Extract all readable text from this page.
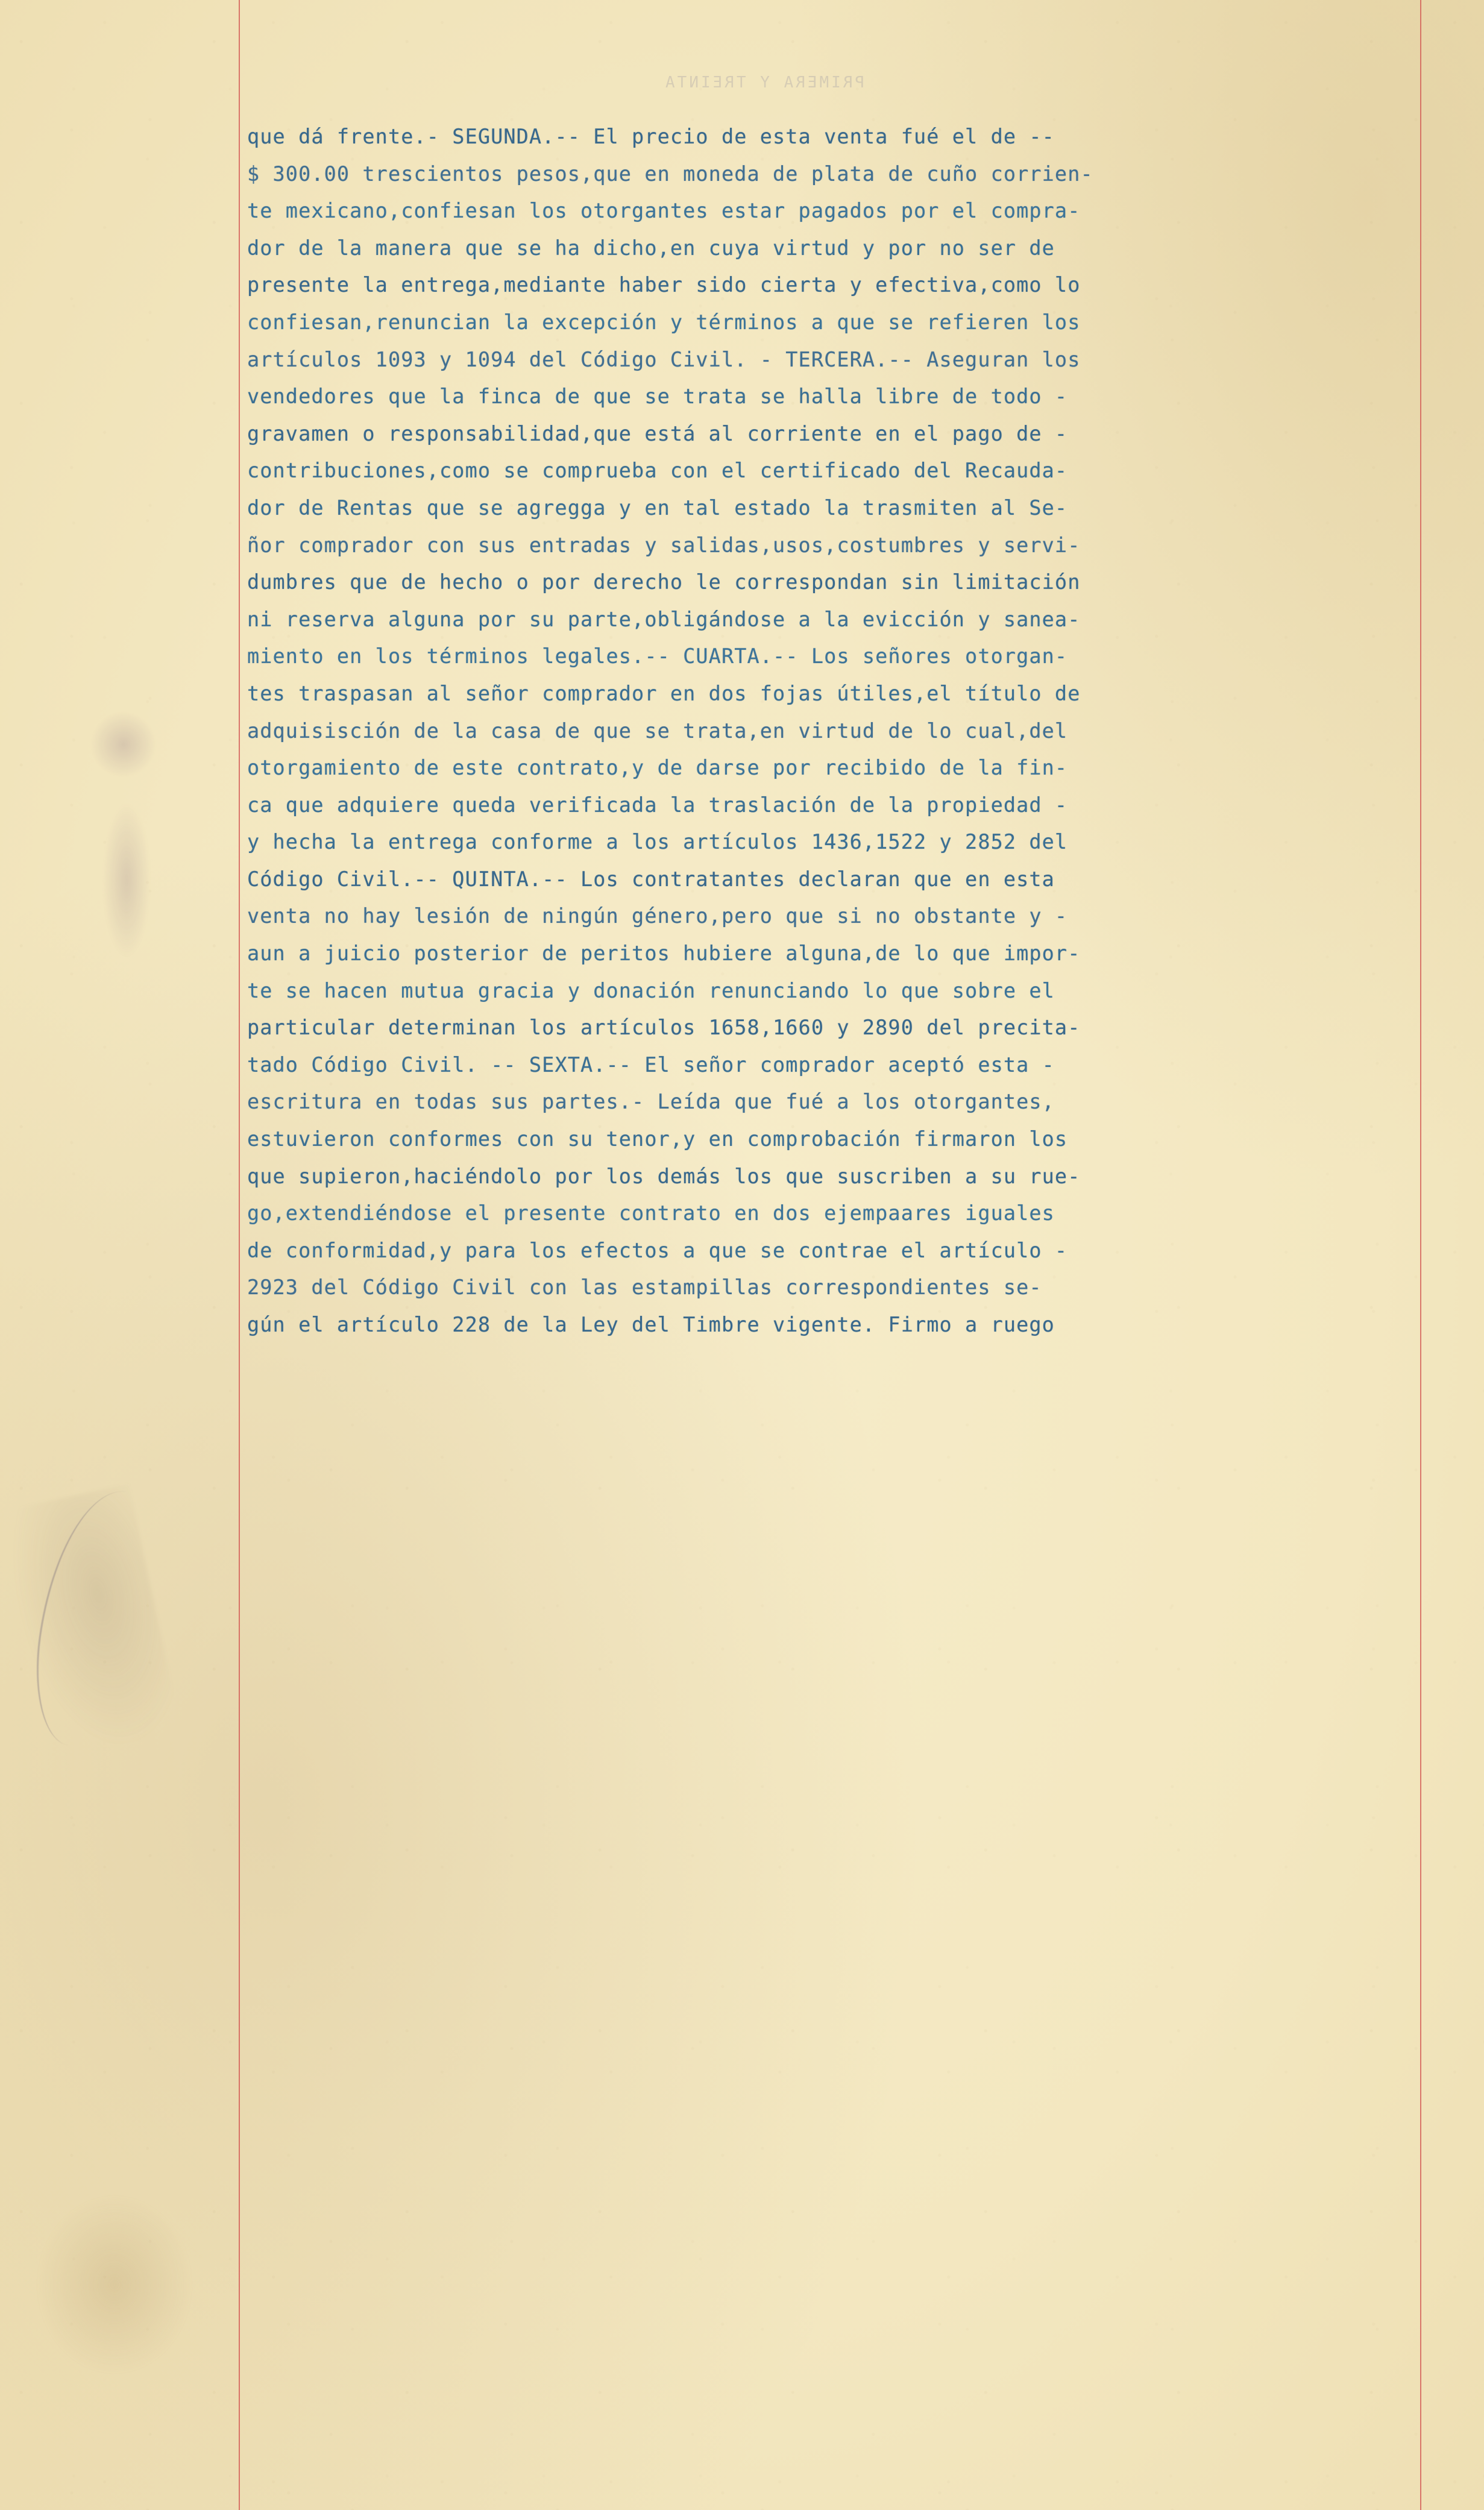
PRIMERA Y TREINTA
que dá frente.- SEGUNDA.-- El precio de esta venta fué el de --
$ 300.00 trescientos pesos,que en moneda de plata de cuño corrien-
te mexicano,confiesan los otorgantes estar pagados por el compra-
dor de la manera que se ha dicho,en cuya virtud y por no ser de
presente la entrega,mediante haber sido cierta y efectiva,como lo
confiesan,renuncian la excepción y términos a que se refieren los
artículos 1093 y 1094 del Código Civil. - TERCERA.-- Aseguran los
vendedores que la finca de que se trata se halla libre de todo -
gravamen o responsabilidad,que está al corriente en el pago de -
contribuciones,como se comprueba con el certificado del Recauda-
dor de Rentas que se agregga y en tal estado la trasmiten al Se-
ñor comprador con sus entradas y salidas,usos,costumbres y servi-
dumbres que de hecho o por derecho le correspondan sin limitación
ni reserva alguna por su parte,obligándose a la evicción y sanea-
miento en los términos legales.-- CUARTA.-- Los señores otorgan-
tes traspasan al señor comprador en dos fojas útiles,el título de
adquisisción de la casa de que se trata,en virtud de lo cual,del
otorgamiento de este contrato,y de darse por recibido de la fin-
ca que adquiere queda verificada la traslación de la propiedad -
y hecha la entrega conforme a los artículos 1436,1522 y 2852 del
Código Civil.-- QUINTA.-- Los contratantes declaran que en esta
venta no hay lesión de ningún género,pero que si no obstante y -
aun a juicio posterior de peritos hubiere alguna,de lo que impor-
te se hacen mutua gracia y donación renunciando lo que sobre el
particular determinan los artículos 1658,1660 y 2890 del precita-
tado Código Civil. -- SEXTA.-- El señor comprador aceptó esta -
escritura en todas sus partes.- Leída que fué a los otorgantes,
estuvieron conformes con su tenor,y en comprobación firmaron los
que supieron,haciéndolo por los demás los que suscriben a su rue-
go,extendiéndose el presente contrato en dos ejempaares iguales
de conformidad,y para los efectos a que se contrae el artículo -
2923 del Código Civil con las estampillas correspondientes se-
gún el artículo 228 de la Ley del Timbre vigente. Firmo a ruego
